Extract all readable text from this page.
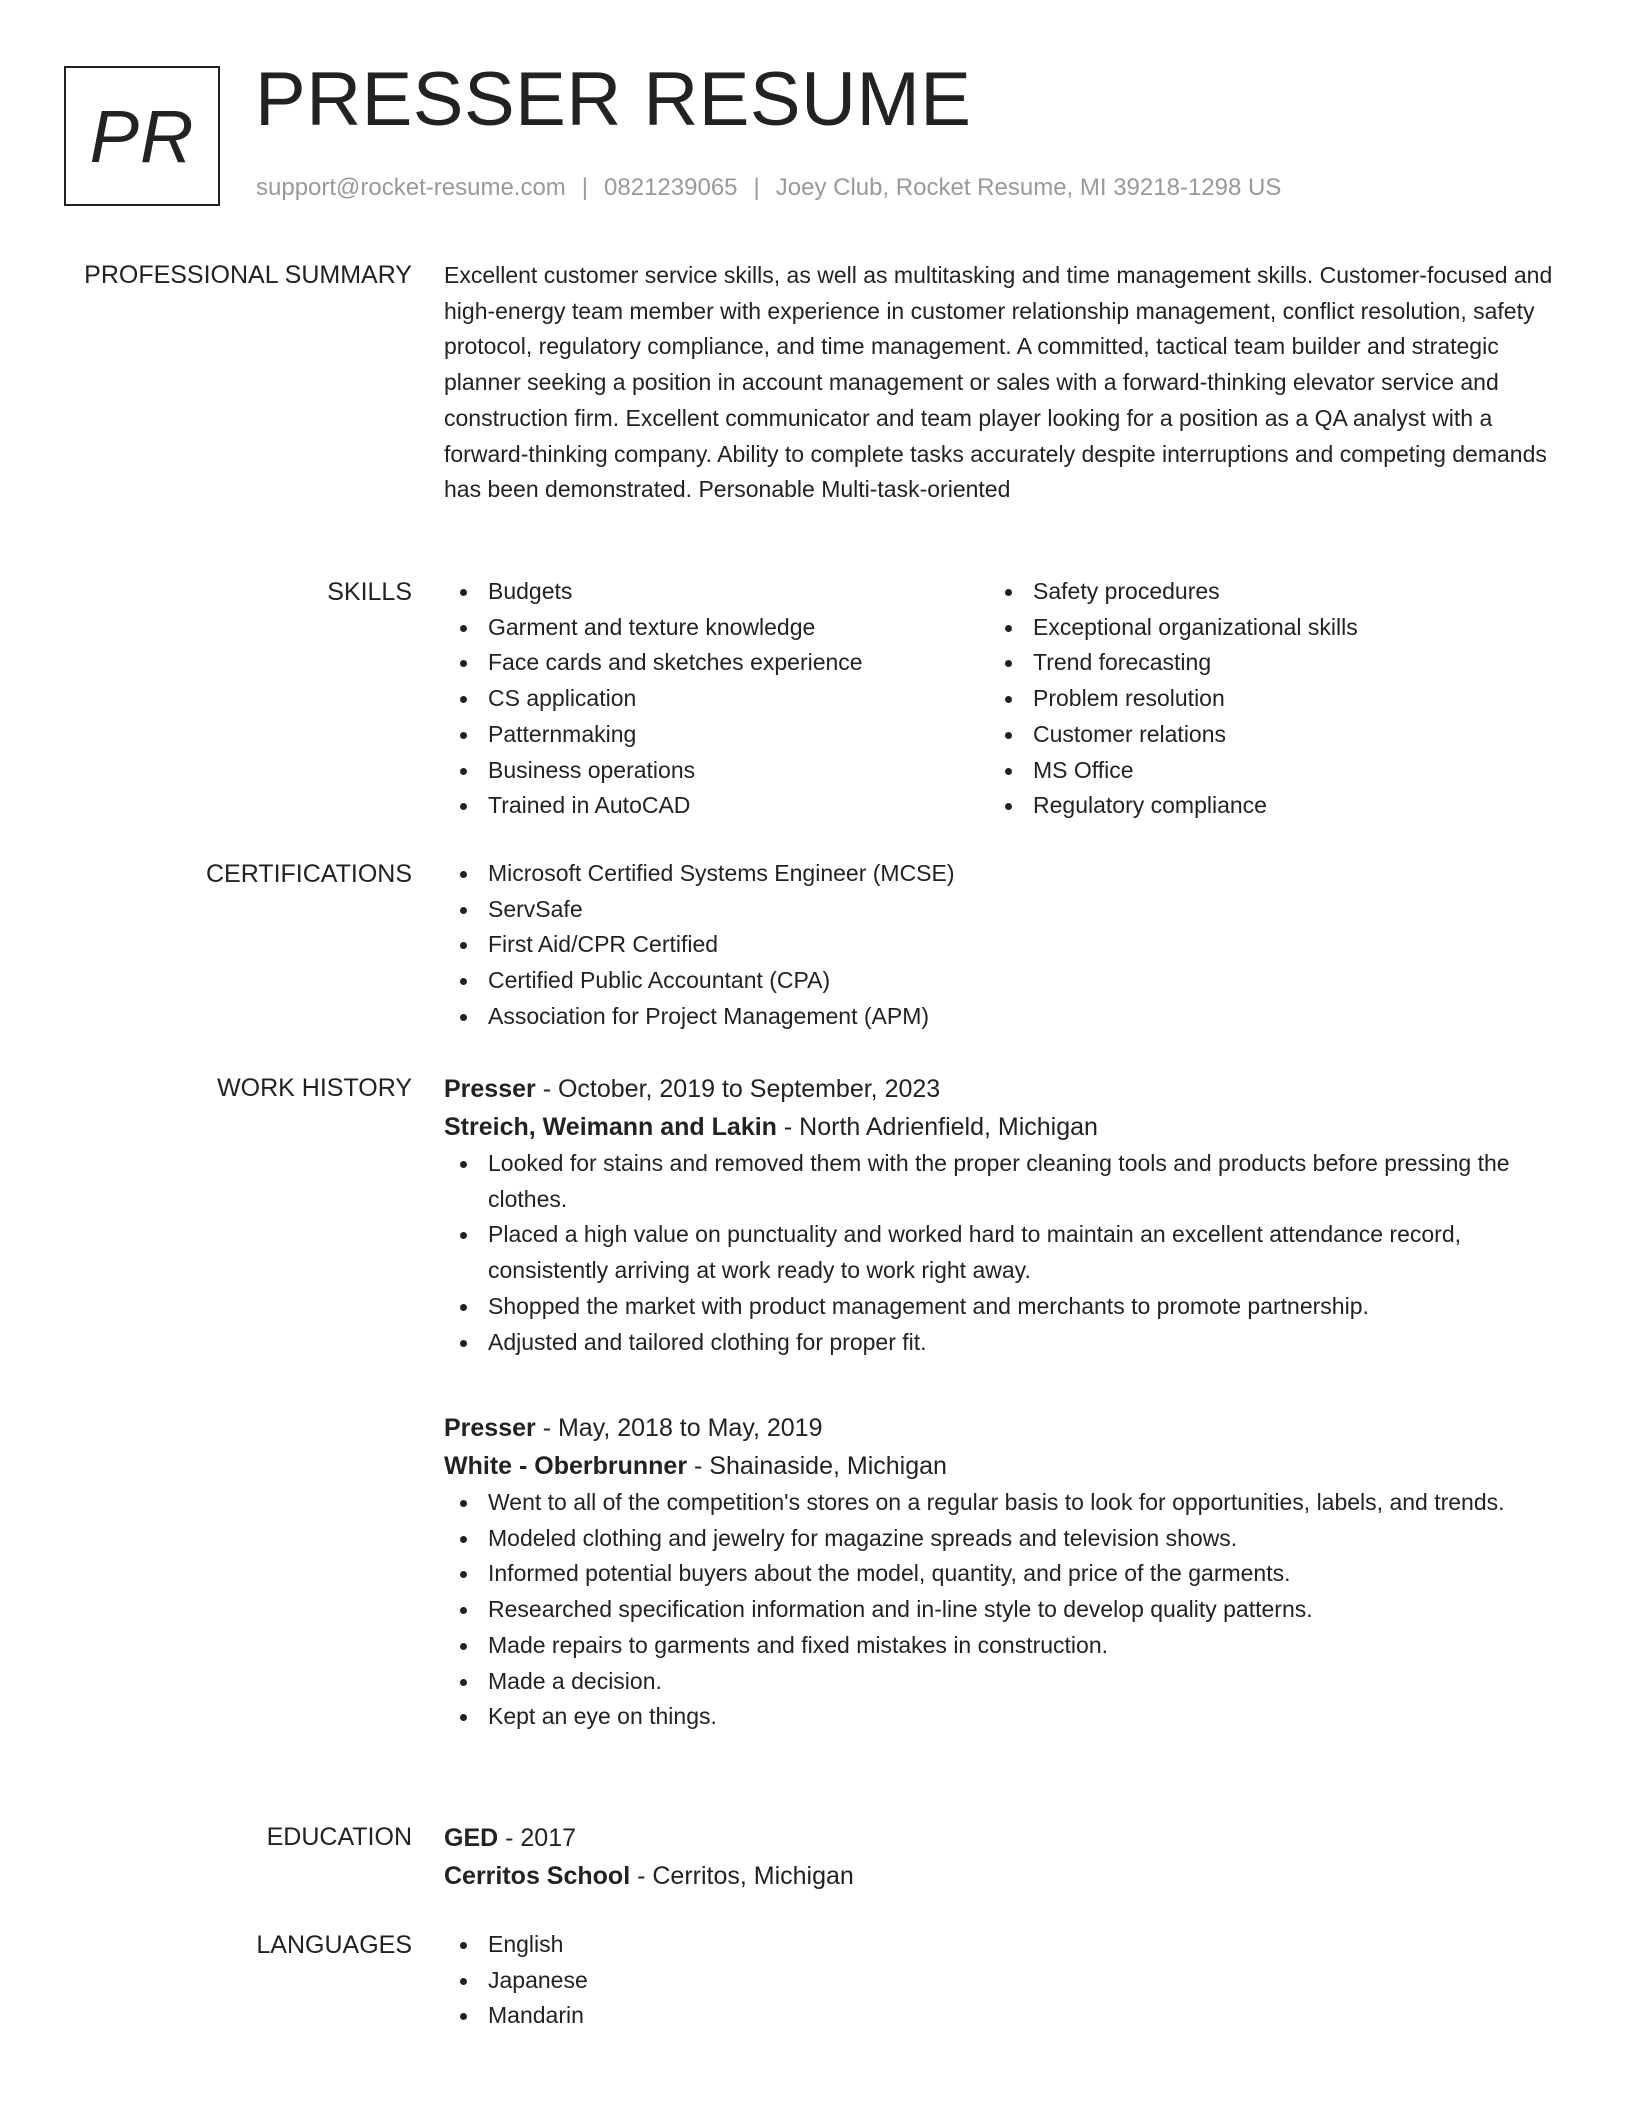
PR PRESSER RESUME
support@rocket-resume.com | 0821239065 | Joey Club, Rocket Resume, MI 39218-1298 US
PROFESSIONAL SUMMARY Excellent customer service skills, as well as multitasking and time management skills. Customer-focused and high-energy team member with experience in customer relationship management, conflict resolution, safety protocol, regulatory compliance, and time management. A committed, tactical team builder and strategic planner seeking a position in account management or sales with a forward-thinking elevator service and construction firm. Excellent communicator and team player looking for a position as a QA analyst with a forward-thinking company. Ability to complete tasks accurately despite interruptions and competing demands has been demonstrated. Personable Multi-task-oriented

SKILLS	Budgets
Garment and texture knowledge
Face cards and sketches experience
CS application
Patternmaking
Business operations
Trained in AutoCAD
Safety procedures
Exceptional organizational skills
Trend forecasting
Problem resolution
Customer relations
MS Office
Regulatory compliance
CERTIFICATIONS	Microsoft Certified Systems Engineer (MCSE)
ServSafe
First Aid/CPR Certified
Certified Public Accountant (CPA)
Association for Project Management (APM)
WORK HISTORY Presser - October, 2019 to September, 2023
Streich, Weimann and Lakin - North Adrienfield, Michigan
Looked for stains and removed them with the proper cleaning tools and products before pressing the clothes.
Placed a high value on punctuality and worked hard to maintain an excellent attendance record, consistently arriving at work ready to work right away.
Shopped the market with product management and merchants to promote partnership.
Adjusted and tailored clothing for proper fit.
Presser - May, 2018 to May, 2019
White - Oberbrunner - Shainaside, Michigan
Went to all of the competition's stores on a regular basis to look for opportunities, labels, and trends.
Modeled clothing and jewelry for magazine spreads and television shows.
Informed potential buyers about the model, quantity, and price of the garments.
Researched specification information and in-line style to develop quality patterns.
Made repairs to garments and fixed mistakes in construction.
Made a decision.
Kept an eye on things.
EDUCATION GED - 2017
Cerritos School - Cerritos, Michigan
LANGUAGES	English
Japanese
Mandarin
